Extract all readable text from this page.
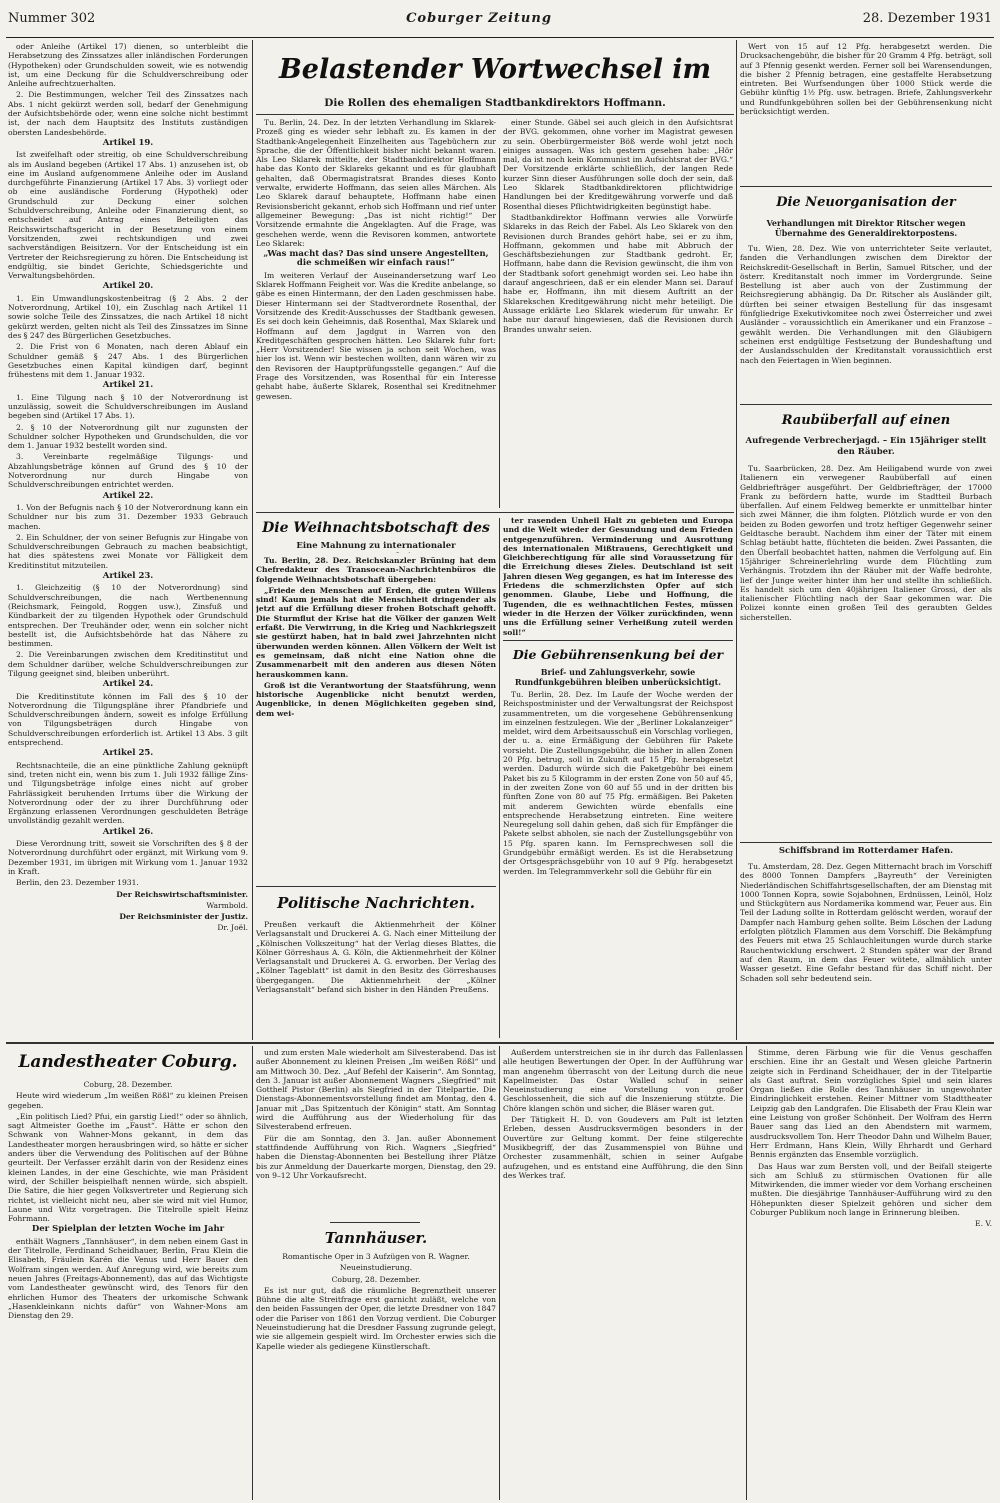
Nummer 302	Coburger Zeitung	28. Dezember 1931

oder Anleihe (Artikel 17) dienen, so unterbleibt die Herabsetzung des Zinssatzes aller inländischen Forderungen (Hypotheken) oder Grundschulden soweit, wie es notwendig ist, um eine Deckung für die Schuldverschreibung oder Anleihe aufrechtzuerhalten.

2. Die Bestimmungen, welcher Teil des Zinssatzes nach Abs. 1 nicht gekürzt werden soll, bedarf der Genehmigung der Aufsichtsbehörde oder, wenn eine solche nicht bestimmt ist, der nach dem Hauptsitz des Instituts zuständigen obersten Landesbehörde.

Artikel 19.

Ist zweifelhaft oder streitig, ob eine Schuldverschreibung als im Ausland begeben (Artikel 17 Abs. 1) anzusehen ist, ob eine im Ausland aufgenommene Anleihe oder im Ausland durchgeführte Finanzierung (Artikel 17 Abs. 3) vorliegt oder ob eine ausländische Forderung (Hypothek) oder Grundschuld zur Deckung einer solchen Schuldverschreibung, Anleihe oder Finanzierung dient, so entscheidet auf Antrag eines Beteiligten das Reichswirtschaftsgericht in der Besetzung von einem Vorsitzenden, zwei rechtskundigen und zwei sachverständigen Beisitzern. Vor der Entscheidung ist ein Vertreter der Reichsregierung zu hören. Die Entscheidung ist endgültig, sie bindet Gerichte, Schiedsgerichte und Verwaltungsbehörden.

Artikel 20.

1. Ein Umwandlungskostenbeitrag (§ 2 Abs. 2 der Notverordnung, Artikel 10), ein Zuschlag nach Artikel 11 sowie solche Teile des Zinssatzes, die nach Artikel 18 nicht gekürzt werden, gelten nicht als Teil des Zinssatzes im Sinne des § 247 des Bürgerlichen Gesetzbuches.

2. Die Frist von 6 Monaten, nach deren Ablauf ein Schuldner gemäß § 247 Abs. 1 des Bürgerlichen Gesetzbuches einen Kapital kündigen darf, beginnt frühestens mit dem 1. Januar 1932.

Artikel 21.

1. Eine Tilgung nach § 10 der Notverordnung ist unzulässig, soweit die Schuldverschreibungen im Ausland begeben sind (Artikel 17 Abs. 1).

2. § 10 der Notverordnung gilt nur zugunsten der Schuldner solcher Hypotheken und Grundschulden, die vor dem 1. Januar 1932 bestellt worden sind.

3. Vereinbarte regelmäßige Tilgungs- und Abzahlungsbeträge können auf Grund des § 10 der Notverordnung nur durch Hingabe von Schuldverschreibungen entrichtet werden.

Artikel 22.

1. Von der Befugnis nach § 10 der Notverordnung kann ein Schuldner nur bis zum 31. Dezember 1933 Gebrauch machen.

2. Ein Schuldner, der von seiner Befugnis zur Hingabe von Schuldverschreibungen Gebrauch zu machen beabsichtigt, hat dies spätestens zwei Monate vor Fälligkeit dem Kreditinstitut mitzuteilen.

Artikel 23.

1. Gleichzeitig (§ 10 der Notverordnung) sind Schuldverschreibungen, die nach Wertbenennung (Reichsmark, Feingold, Roggen usw.), Zinsfuß und Kündbarkeit der zu tilgenden Hypothek oder Grundschuld entsprechen. Der Treuhänder oder, wenn ein solcher nicht bestellt ist, die Aufsichtsbehörde hat das Nähere zu bestimmen.

2. Die Vereinbarungen zwischen dem Kreditinstitut und dem Schuldner darüber, welche Schuldverschreibungen zur Tilgung geeignet sind, bleiben unberührt.

Artikel 24.

Die Kreditinstitute können im Fall des § 10 der Notverordnung die Tilgungspläne ihrer Pfandbriefe und Schuldverschreibungen ändern, soweit es infolge Erfüllung von Tilgungsbeträgen durch Hingabe von Schuldverschreibungen erforderlich ist. Artikel 13 Abs. 3 gilt entsprechend.

Artikel 25.

Rechtsnachteile, die an eine pünktliche Zahlung geknüpft sind, treten nicht ein, wenn bis zum 1. Juli 1932 fällige Zins- und Tilgungsbeträge infolge eines nicht auf grober Fahrlässigkeit beruhenden Irrtums über die Wirkung der Notverordnung oder der zu ihrer Durchführung oder Ergänzung erlassenen Verordnungen geschuldeten Beträge unvollständig gezahlt werden.

Artikel 26.

Diese Verordnung tritt, soweit sie Vorschriften des § 8 der Notverordnung durchführt oder ergänzt, mit Wirkung vom 9. Dezember 1931, im übrigen mit Wirkung vom 1. Januar 1932 in Kraft.

Berlin, den 23. Dezember 1931.

Der Reichswirtschaftsminister.

Warmbold.

Der Reichsminister der Justiz.

Dr. Joël.

Belastender Wortwechsel im
Die Rollen des ehemaligen Stadtbankdirektors Hoffmann.

Tu. Berlin, 24. Dez. In der letzten Verhandlung im Sklarek-Prozeß ging es wieder sehr lebhaft zu. Es kamen in der Stadtbank-Angelegenheit Einzelheiten aus Tagebüchern zur Sprache, die der Öffentlichkeit bisher nicht bekannt waren. Als Leo Sklarek mitteilte, der Stadtbankdirektor Hoffmann habe das Konto der Sklareks gekannt und es für glaubhaft gehalten, daß Obermagistratsrat Brandes dieses Konto verwalte, erwiderte Hoffmann, das seien alles Märchen. Als Leo Sklarek darauf behauptete, Hoffmann habe einen Revisionsbericht gekannt, erhob sich Hoffmann und rief unter allgemeiner Bewegung: „Das ist nicht richtig!“ Der Vorsitzende ermahnte die Angeklagten. Auf die Frage, was geschehen werde, wenn die Revisoren kommen, antwortete Leo Sklarek:

„Was macht das? Das sind unsere Angestellten, die schmeißen wir einfach raus!“

Im weiteren Verlauf der Auseinandersetzung warf Leo Sklarek Hoffmann Feigheit vor. Was die Kredite anbelange, so gäbe es einen Hintermann, der den Laden geschmissen habe. Dieser Hintermann sei der Stadtverordnete Rosenthal, der Vorsitzende des Kredit-Ausschusses der Stadtbank gewesen. Es sei doch kein Geheimnis, daß Rosenthal, Max Sklarek und Hoffmann auf dem Jagdgut in Warren von den Kreditgeschäften gesprochen hätten. Leo Sklarek fuhr fort: „Herr Vorsitzender! Sie wissen ja schon seit Wochen, was hier los ist. Wenn wir bestechen wollten, dann wären wir zu den Revisoren der Hauptprüfungsstelle gegangen.“ Auf die Frage des Vorsitzenden, was Rosenthal für ein Interesse gehabt habe, äußerte Sklarek, Rosenthal sei Kreditnehmer gewesen.

einer Stunde. Gäbel sei auch gleich in den Aufsichtsrat der BVG. gekommen, ohne vorher im Magistrat gewesen zu sein. Oberbürgermeister Böß werde wohl jetzt noch einiges aussagen. Was ich gestern gesehen habe: „Hör mal, da ist noch kein Kommunist im Aufsichtsrat der BVG.“ Der Vorsitzende erklärte schließlich, der langen Rede kurzer Sinn dieser Ausführungen solle doch der sein, daß Leo Sklarek Stadtbankdirektoren pflichtwidrige Handlungen bei der Kreditgewährung vorwerfe und daß Rosenthal dieses Pflichtwidrigkeiten begünstigt habe.

Stadtbankdirektor Hoffmann verwies alle Vorwürfe Sklareks in das Reich der Fabel. Als Leo Sklarek von den Revisionen durch Brandes gehört habe, sei er zu ihm, Hoffmann, gekommen und habe mit Abbruch der Geschäftsbeziehungen zur Stadtbank gedroht. Er, Hoffmann, habe dann die Revision gewünscht, die ihm von der Stadtbank sofort genehmigt worden sei. Leo habe ihn darauf angeschrieen, daß er ein elender Mann sei. Darauf habe er, Hoffmann, ihn mit diesem Auftritt an der Sklarekschen Kreditgewährung nicht mehr beteiligt. Die Aussage erklärte Leo Sklarek wiederum für unwahr. Er habe nur darauf hingewiesen, daß die Revisionen durch Brandes unwahr seien.

Die Weihnachtsbotschaft des
Eine Mahnung zu internationaler

Tu. Berlin, 28. Dez. Reichskanzler Brüning hat dem Chefredakteur des Transocean-Nachrichtenbüros die folgende Weihnachtsbotschaft übergeben:

„Friede den Menschen auf Erden, die guten Willens sind! Kaum jemals hat die Menschheit dringender als jetzt auf die Erfüllung dieser frohen Botschaft gehofft. Die Sturmflut der Krise hat die Völker der ganzen Welt erfaßt. Die Verwirrung, in die Krieg und Nachkriegszeit sie gestürzt haben, hat in bald zwei Jahrzehnten nicht überwunden werden können. Allen Völkern der Welt ist es gemeinsam, daß nicht eine Nation ohne die Zusammenarbeit mit den anderen aus diesen Nöten herauskommen kann.

Groß ist die Verantwortung der Staatsführung, wenn historische Augenblicke nicht benutzt werden, Augenblicke, in denen Möglichkeiten gegeben sind, dem wei-

ter rasenden Unheil Halt zu gebieten und Europa und die Welt wieder der Gesundung und dem Frieden entgegenzuführen. Verminderung und Ausrottung des internationalen Mißtrauens, Gerechtigkeit und Gleichberechtigung für alle sind Voraussetzung für die Erreichung dieses Zieles. Deutschland ist seit Jahren diesen Weg gegangen, es hat im Interesse des Friedens die schmerzlichsten Opfer auf sich genommen. Glaube, Liebe und Hoffnung, die Tugenden, die es weihnachtlichen Festes, müssen wieder in die Herzen der Völker zurückfinden, wenn uns die Erfüllung seiner Verheißung zuteil werden soll!“

Die Gebührensenkung bei der
Brief- und Zahlungsverkehr, sowie Rundfunkgebühren bleiben unberücksichtigt.

Tu. Berlin, 28. Dez. Im Laufe der Woche werden der Reichspostminister und der Verwaltungsrat der Reichspost zusammentreten, um die vorgesehene Gebührensenkung im einzelnen festzulegen. Wie der „Berliner Lokalanzeiger“ meldet, wird dem Arbeitsausschuß ein Vorschlag vorliegen, der u. a. eine Ermäßigung der Gebühren für Pakete vorsieht. Die Zustellungsgebühr, die bisher in allen Zonen 20 Pfg. betrug, soll in Zukunft auf 15 Pfg. herabgesetzt werden. Dadurch würde sich die Paketgebühr bei einem Paket bis zu 5 Kilogramm in der ersten Zone von 50 auf 45, in der zweiten Zone von 60 auf 55 und in der dritten bis fünften Zone von 80 auf 75 Pfg. ermäßigen. Bei Paketen mit anderem Gewichten würde ebenfalls eine entsprechende Herabsetzung eintreten. Eine weitere Neuregelung soll dahin gehen, daß sich für Empfänger die Pakete selbst abholen, sie nach der Zustellungsgebühr von 15 Pfg. sparen kann. Im Fernsprechwesen soll die Grundgebühr ermäßigt werden. Es ist die Herabsetzung der Ortsgesprächsgebühr von 10 auf 9 Pfg. herabgesetzt werden. Im Telegrammverkehr soll die Gebühr für ein

Politische Nachrichten.

Preußen verkauft die Aktienmehrheit der Kölner Verlagsanstalt und Druckerei A. G. Nach einer Mitteilung der „Kölnischen Volkszeitung“ hat der Verlag dieses Blattes, die Kölner Görreshaus A. G. Köln, die Aktienmehrheit der Kölner Verlagsanstalt und Druckerei A. G. erworben. Der Verlag des „Kölner Tageblatt“ ist damit in den Besitz des Görreshauses übergegangen. Die Aktienmehrheit der „Kölner Verlagsanstalt“ befand sich bisher in den Händen Preußens.

Wert von 15 auf 12 Pfg. herabgesetzt werden. Die Drucksachengebühr, die bisher für 20 Gramm 4 Pfg. beträgt, soll auf 3 Pfennig gesenkt werden. Ferner soll bei Warensendungen, die bisher 2 Pfennig betragen, eine gestaffelte Herabsetzung eintreten. Bei Wurfsendungen über 1000 Stück werde die Gebühr künftig 1½ Pfg. usw. betragen. Briefe, Zahlungsverkehr und Rundfunkgebühren sollen bei der Gebührensenkung nicht berücksichtigt werden.

Die Neuorganisation der
Verhandlungen mit Direktor Ritscher wegen Übernahme des Generaldirektorpostens.

Tu. Wien, 28. Dez. Wie von unterrichteter Seite verlautet, fanden die Verhandlungen zwischen dem Direktor der Reichskredit-Gesellschaft in Berlin, Samuel Ritscher, und der österr. Kreditanstalt noch immer im Vordergrunde. Seine Bestellung ist aber auch von der Zustimmung der Reichsregierung abhängig. Da Dr. Ritscher als Ausländer gilt, dürften bei seiner etwaigen Bestellung für das insgesamt fünfgliedrige Exekutivkomitee noch zwei Österreicher und zwei Ausländer – voraussichtlich ein Amerikaner und ein Franzose – gewählt werden. Die Verhandlungen mit den Gläubigern scheinen erst endgültige Festsetzung der Bundeshaftung und der Auslandsschulden der Kreditanstalt voraussichtlich erst nach den Feiertagen in Wien beginnen.

Raubüberfall auf einen
Aufregende Verbrecherjagd. – Ein 15jähriger stellt den Räuber.

Tu. Saarbrücken, 28. Dez. Am Heiligabend wurde von zwei Italienern ein verwegener Raubüberfall auf einen Geldbriefträger ausgeführt. Der Geldbriefträger, der 17000 Frank zu befördern hatte, wurde im Stadtteil Burbach überfallen. Auf einem Feldweg bemerkte er unmittelbar hinter sich zwei Männer, die ihm folgten. Plötzlich wurde er von den beiden zu Boden geworfen und trotz heftiger Gegenwehr seiner Geldtasche beraubt. Nachdem ihm einer der Täter mit einem Schlag betäubt hatte, flüchteten die beiden. Zwei Passanten, die den Überfall beobachtet hatten, nahmen die Verfolgung auf. Ein 15jähriger Schreinerlehrling wurde dem Flüchtling zum Verhängnis. Trotzdem ihn der Räuber mit der Waffe bedrohte, lief der Junge weiter hinter ihm her und stellte ihn schließlich. Es handelt sich um den 40jährigen Italiener Grossi, der als italienischer Flüchtling nach der Saar gekommen war. Die Polizei konnte einen großen Teil des geraubten Geldes sicherstellen.

Schiffsbrand im Rotterdamer Hafen.

Tu. Amsterdam, 28. Dez. Gegen Mitternacht brach im Vorschiff des 8000 Tonnen Dampfers „Bayreuth“ der Vereinigten Niederländischen Schiffahrtsgesellschaften, der am Dienstag mit 1000 Tonnen Kopra, sowie Sojabohnen, Erdnüssen, Leinöl, Holz und Stückgütern aus Nordamerika kommend war, Feuer aus. Ein Teil der Ladung sollte in Rotterdam gelöscht werden, worauf der Dampfer nach Hamburg gehen sollte. Beim Löschen der Ladung erfolgten plötzlich Flammen aus dem Vorschiff. Die Bekämpfung des Feuers mit etwa 25 Schlauchleitungen wurde durch starke Rauchentwicklung erschwert. 2 Stunden später war der Brand auf den Raum, in dem das Feuer wütete, allmählich unter Wasser gesetzt. Eine Gefahr bestand für das Schiff nicht. Der Schaden soll sehr bedeutend sein.

Landestheater Coburg.

Coburg, 28. Dezember.

Heute wird wiederum „Im weißen Rößl“ zu kleinen Preisen gegeben.

„Ein politisch Lied? Pfui, ein garstig Lied!“ oder so ähnlich, sagt Altmeister Goethe im „Faust“. Hätte er schon den Schwank von Wahner-Mons gekannt, in dem das Landestheater morgen herausbringen wird, so hätte er sicher anders über die Verwendung des Politischen auf der Bühne geurteilt. Der Verfasser erzählt darin von der Residenz eines kleinen Landes, in der eine Geschichte, wie man Präsident wird, der Schiller beispielhaft nennen würde, sich abspielt. Die Satire, die hier gegen Volksvertreter und Regierung sich richtet, ist vielleicht nicht neu, aber sie wird mit viel Humor, Laune und Witz vorgetragen. Die Titelrolle spielt Heinz Fohrmann.

Der Spielplan der letzten Woche im Jahr

enthält Wagners „Tannhäuser“, in dem neben einem Gast in der Titelrolle, Ferdinand Scheidhauer, Berlin, Frau Klein die Elisabeth, Fräulein Karén die Venus und Herr Bauer den Wolfram singen werden. Auf Anregung wird, wie bereits zum neuen Jahres (Freitags-Abonnement), das auf das Wichtigste vom Landestheater gewünscht wird, des Tenors für den ehrlichen Humor des Theaters der urkomische Schwank „Hasenkleinkann nichts dafür“ von Wahner-Mons am Dienstag den 29.

und zum ersten Male wiederholt am Silvesterabend. Das ist außer Abonnement zu kleinen Preisen „Im weißen Rößl“ und am Mittwoch 30. Dez. „Auf Befehl der Kaiserin“. Am Sonntag, den 3. Januar ist außer Abonnement Wagners „Siegfried“ mit Gotthelf Pistor (Berlin) als Siegfried in der Titelpartie. Die Dienstags-Abonnementsvorstellung findet am Montag, den 4. Januar mit „Das Spitzentuch der Königin“ statt. Am Sonntag wird die Aufführung aus der Wiederholung für das Silvesterabend erfreuen.

Für die am Sonntag, den 3. Jan. außer Abonnement stattfindende Aufführung von Rich. Wagners „Siegfried“ haben die Dienstag-Abonnenten bei Bestellung ihrer Plätze bis zur Anmeldung der Dauerkarte morgen, Dienstag, den 29. von 9–12 Uhr Vorkaufsrecht.

Tannhäuser.

Romantische Oper in 3 Aufzügen von R. Wagner.

Neueinstudierung.

Coburg, 28. Dezember.

Es ist nur gut, daß die räumliche Begrenztheit unserer Bühne die alte Streitfrage erst garnicht zuläßt, welche von den beiden Fassungen der Oper, die letzte Dresdner von 1847 oder die Pariser von 1861 den Vorzug verdient. Die Coburger Neueinstudierung hat die Dresdner Fassung zugrunde gelegt, wie sie allgemein gespielt wird. Im Orchester erwies sich die Kapelle wieder als gediegene Künstlerschaft.

Außerdem unterstreichen sie in ihr durch das Fallenlassen alle heutigen Bewertungen der Oper. In der Aufführung war man angenehm überrascht von der Leitung durch die neue Kapellmeister. Das Ostar Walled schuf in seiner Neueinstudierung eine Vorstellung von großer Geschlossenheit, die sich auf die Inszenierung stützte. Die Chöre klangen schön und sicher, die Bläser waren gut.

Der Tätigkeit H. D. von Goudevers am Pult ist letzten Erleben, dessen Ausdrucksvermögen besonders in der Ouvertüre zur Geltung kommt. Der feine stilgerechte Musikbegriff, der das Zusammenspiel von Bühne und Orchester zusammenhält, schien in seiner Aufgabe aufzugehen, und es entstand eine Aufführung, die den Sinn des Werkes traf.

Stimme, deren Färbung wie für die Venus geschaffen erschien. Eine ihr an Gestalt und Wesen gleiche Partnerin zeigte sich in Ferdinand Scheidhauer, der in der Titelpartie als Gast auftrat. Sein vorzügliches Spiel und sein klares Organ ließen die Rolle des Tannhäuser in ungewohnter Eindringlichkeit erstehen. Reiner Mittner vom Stadttheater Leipzig gab den Landgrafen. Die Elisabeth der Frau Klein war eine Leistung von großer Schönheit. Der Wolfram des Herrn Bauer sang das Lied an den Abendstern mit warmem, ausdrucksvollem Ton. Herr Theodor Dahn und Wilhelm Bauer, Herr Erdmann, Hans Klein, Willy Ehrhardt und Gerhard Bennis ergänzten das Ensemble vorzüglich.

Das Haus war zum Bersten voll, und der Beifall steigerte sich am Schluß zu stürmischen Ovationen für alle Mitwirkenden, die immer wieder vor dem Vorhang erscheinen mußten. Die diesjährige Tannhäuser-Aufführung wird zu den Höhepunkten dieser Spielzeit gehören und sicher dem Coburger Publikum noch lange in Erinnerung bleiben.

E. V.
